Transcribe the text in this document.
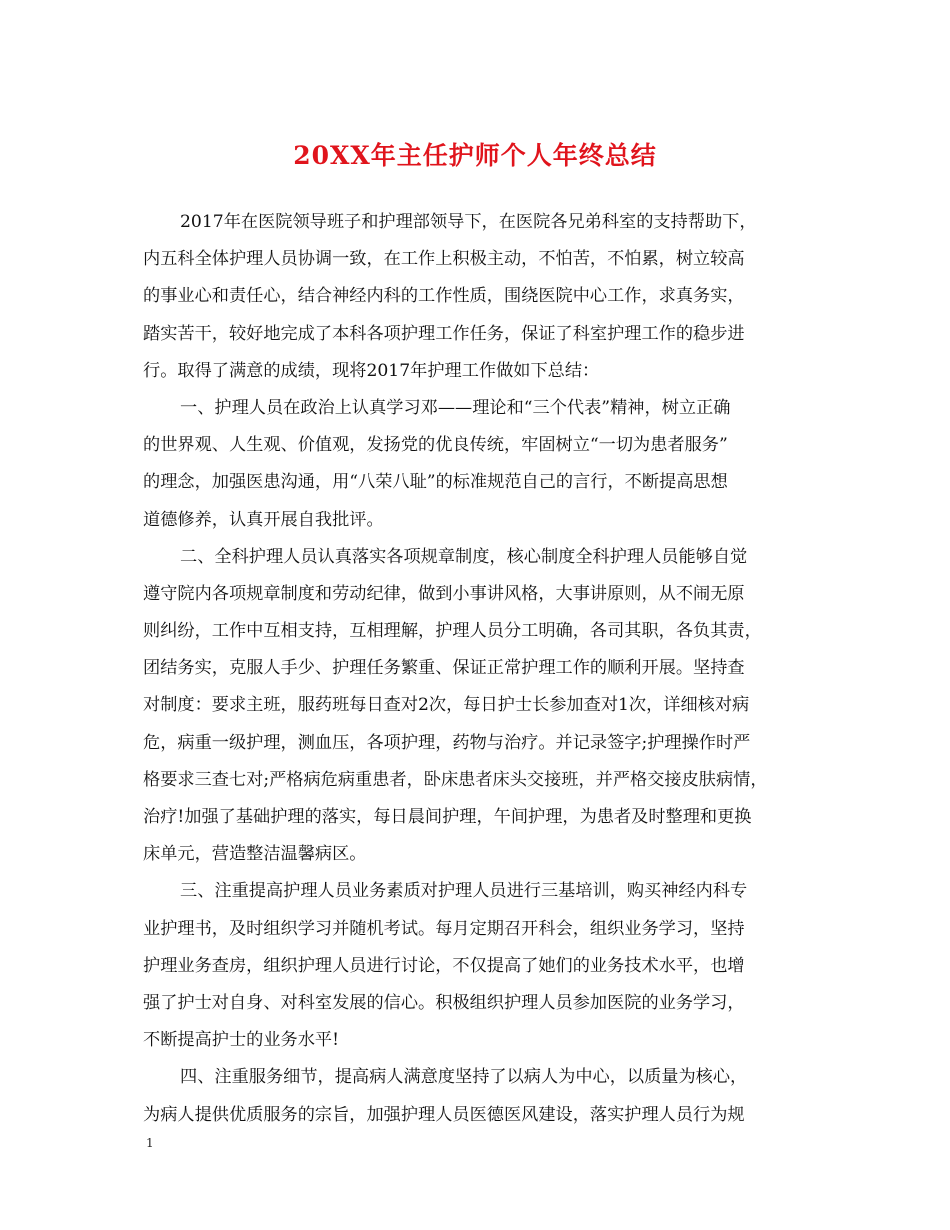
20XX年主任护师个人年终总结
2017年在医院领导班子和护理部领导下，在医院各兄弟科室的支持帮助下，
内五科全体护理人员协调一致，在工作上积极主动，不怕苦，不怕累，树立较高
的事业心和责任心，结合神经内科的工作性质，围绕医院中心工作，求真务实，
踏实苦干，较好地完成了本科各项护理工作任务，保证了科室护理工作的稳步进
行。取得了满意的成绩，现将2017年护理工作做如下总结：
一、护理人员在政治上认真学习邓——理论和“三个代表”精神，树立正确
的世界观、人生观、价值观，发扬党的优良传统，牢固树立“一切为患者服务”
的理念，加强医患沟通，用“八荣八耻”的标准规范自己的言行，不断提高思想
道德修养，认真开展自我批评。
二、全科护理人员认真落实各项规章制度，核心制度全科护理人员能够自觉
遵守院内各项规章制度和劳动纪律，做到小事讲风格，大事讲原则，从不闹无原
则纠纷，工作中互相支持，互相理解，护理人员分工明确，各司其职，各负其责，
团结务实，克服人手少、护理任务繁重、保证正常护理工作的顺利开展。坚持查
对制度：要求主班，服药班每日查对2次，每日护士长参加查对1次，详细核对病
危，病重一级护理，测血压，各项护理，药物与治疗。并记录签字;护理操作时严
格要求三查七对;严格病危病重患者，卧床患者床头交接班，并严格交接皮肤病情，
治疗!加强了基础护理的落实，每日晨间护理，午间护理，为患者及时整理和更换
床单元，营造整洁温馨病区。
三、注重提高护理人员业务素质对护理人员进行三基培训，购买神经内科专
业护理书，及时组织学习并随机考试。每月定期召开科会，组织业务学习，坚持
护理业务查房，组织护理人员进行讨论，不仅提高了她们的业务技术水平，也增
强了护士对自身、对科室发展的信心。积极组织护理人员参加医院的业务学习，
不断提高护士的业务水平!
四、注重服务细节，提高病人满意度坚持了以病人为中心，以质量为核心，
为病人提供优质服务的宗旨，加强护理人员医德医风建设，落实护理人员行为规
1
